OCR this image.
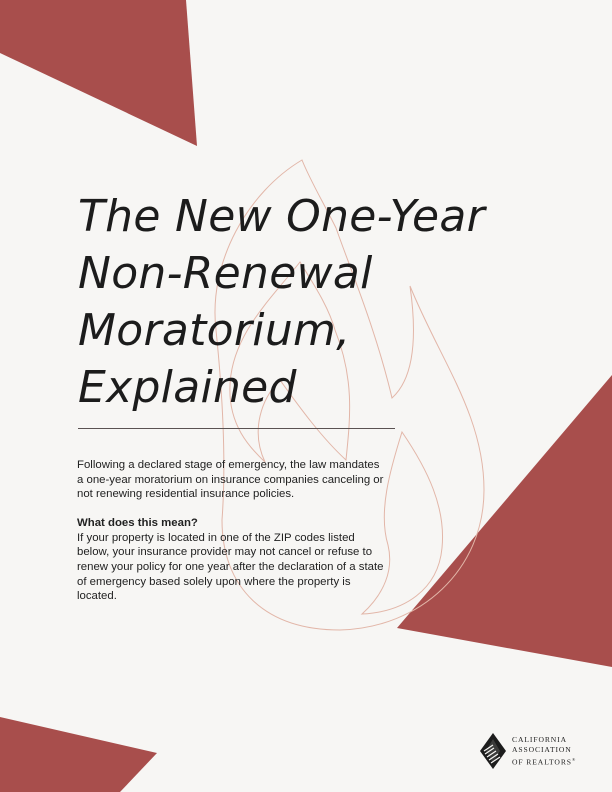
The New One-Year
Non-Renewal
Moratorium,
Explained

Following a declared stage of emergency, the law mandates a one-year moratorium on insurance companies canceling or not renewing residential insurance policies.

What does this mean?

If your property is located in one of the ZIP codes listed below, your insurance provider may not cancel or refuse to renew your policy for one year after the declaration of a state of emergency based solely upon where the property is located.

CALIFORNIA
ASSOCIATION
OF REALTORS®
